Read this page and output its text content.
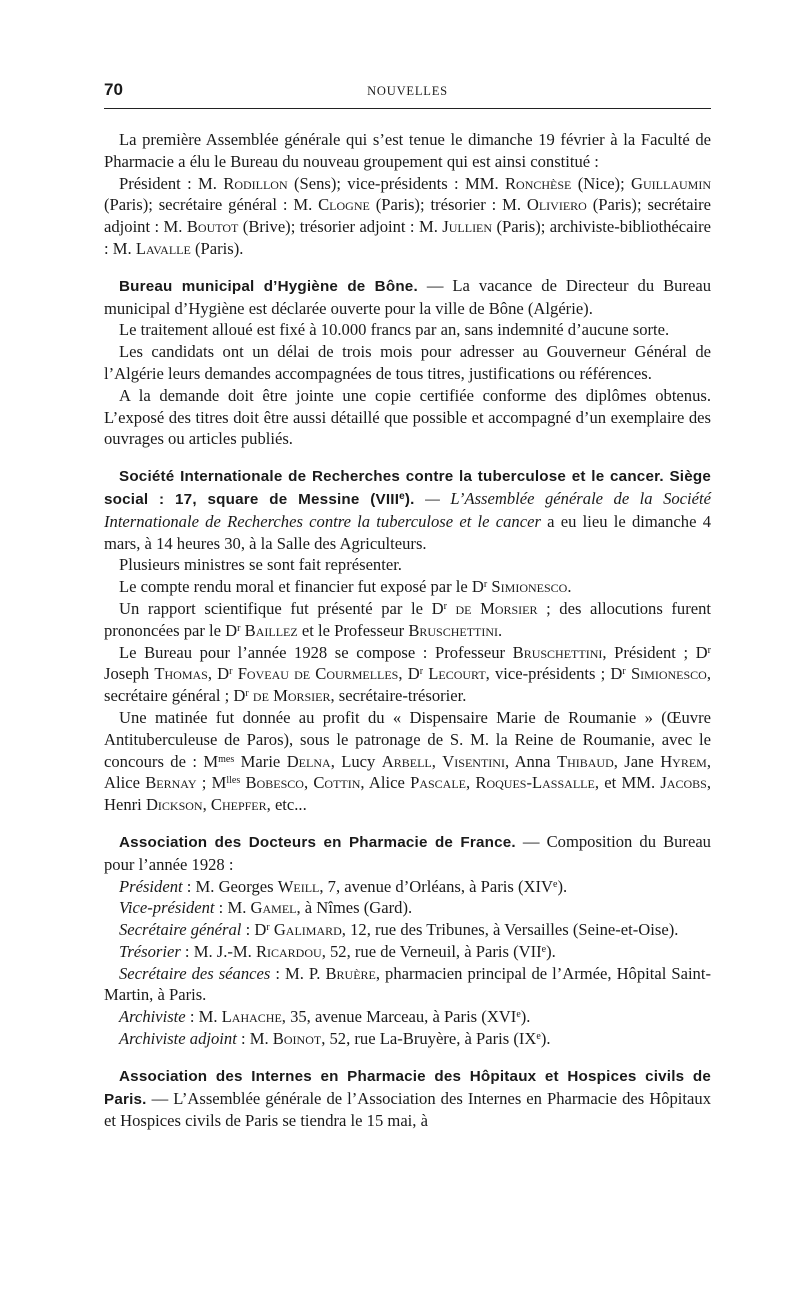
70	NOUVELLES

La première Assemblée générale qui s’est tenue le dimanche 19 février à la Faculté de Pharmacie a élu le Bureau du nouveau groupement qui est ainsi constitué :

Président : M. Rodillon (Sens); vice-présidents : MM. Ronchèse (Nice); Guillaumin (Paris); secrétaire général : M. Clogne (Paris); trésorier : M. Oliviero (Paris); secrétaire adjoint : M. Boutot (Brive); trésorier adjoint : M. Jullien (Paris); archiviste-bibliothécaire : M. Lavalle (Paris).

Bureau municipal d’Hygiène de Bône. — La vacance de Directeur du Bureau municipal d’Hygiène est déclarée ouverte pour la ville de Bône (Algérie).

Le traitement alloué est fixé à 10.000 francs par an, sans indemnité d’aucune sorte.

Les candidats ont un délai de trois mois pour adresser au Gouverneur Général de l’Algérie leurs demandes accompagnées de tous titres, justifications ou références.

A la demande doit être jointe une copie certifiée conforme des diplômes obtenus. L’exposé des titres doit être aussi détaillé que possible et accompagné d’un exemplaire des ouvrages ou articles publiés.

Société Internationale de Recherches contre la tuberculose et le cancer. Siège social : 17, square de Messine (VIIIe). — L’Assemblée générale de la Société Internationale de Recherches contre la tuberculose et le cancer a eu lieu le dimanche 4 mars, à 14 heures 30, à la Salle des Agriculteurs.

Plusieurs ministres se sont fait représenter.

Le compte rendu moral et financier fut exposé par le $D^r$ Simionesco.

Un rapport scientifique fut présenté par le $D^r$ de Morsier ; des allocutions furent prononcées par le $D^r$ Baillez et le Professeur Bruschettini.

Le Bureau pour l’année 1928 se compose : Professeur Bruschettini, Président ; $D^r$ Joseph Thomas, $D^r$ Foveau de Courmelles, $D^r$ Lecourt, vice-présidents ; $D^r$ Simionesco, secrétaire général ; $D^r$ de Morsier, secrétaire-trésorier.

Une matinée fut donnée au profit du « Dispensaire Marie de Roumanie » (Œuvre Antituberculeuse de Paros), sous le patronage de S. M. la Reine de Roumanie, avec le concours de : $M^{mes}$ Marie Delna, Lucy Arbell, Visentini, Anna Thibaud, Jane Hyrem, Alice Bernay ; $M^{lles}$ Bobesco, Cottin, Alice Pascale, Roques-Lassalle, et MM. Jacobs, Henri Dickson, Chepfer, etc...

Association des Docteurs en Pharmacie de France. — Composition du Bureau pour l’année 1928 :

Président : M. Georges Weill, 7, avenue d’Orléans, à Paris (XIVe).

Vice-président : M. Gamel, à Nîmes (Gard).

Secrétaire général : $D^r$ Galimard, 12, rue des Tribunes, à Versailles (Seine-et-Oise).

Trésorier : M. J.-M. Ricardou, 52, rue de Verneuil, à Paris (VIIe).

Secrétaire des séances : M. P. Bruère, pharmacien principal de l’Armée, Hôpital Saint-Martin, à Paris.

Archiviste : M. Lahache, 35, avenue Marceau, à Paris (XVIe).

Archiviste adjoint : M. Boinot, 52, rue La-Bruyère, à Paris (IXe).

Association des Internes en Pharmacie des Hôpitaux et Hospices civils de Paris. — L’Assemblée générale de l’Association des Internes en Pharmacie des Hôpitaux et Hospices civils de Paris se tiendra le 15 mai, à
